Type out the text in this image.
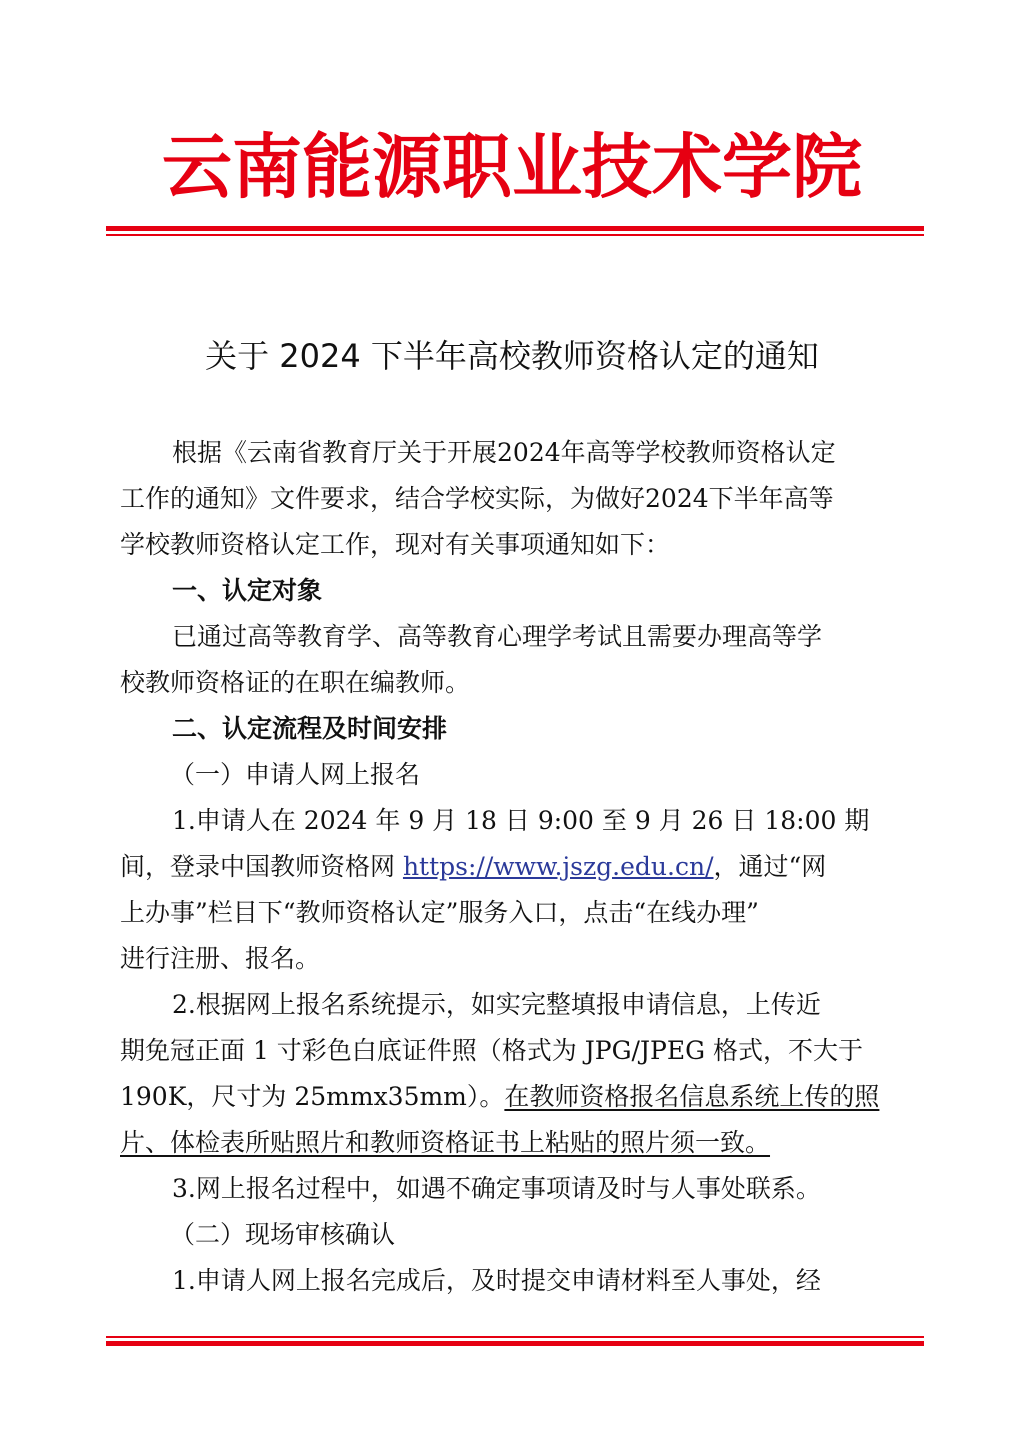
云南能源职业技术学院
关于 2024 下半年高校教师资格认定的通知
根据《云南省教育厅关于开展2024年高等学校教师资格认定
工作的通知》文件要求，结合学校实际，为做好2024下半年高等
学校教师资格认定工作，现对有关事项通知如下：
一、认定对象
已通过高等教育学、高等教育心理学考试且需要办理高等学
校教师资格证的在职在编教师。
二、认定流程及时间安排
（一）申请人网上报名
1.申请人在 2024 年 9 月 18 日 9:00 至 9 月 26 日 18:00 期
间，登录中国教师资格网 https://www.jszg.edu.cn/，通过“网
上办事”栏目下“教师资格认定”服务入口，点击“在线办理”
进行注册、报名。
2.根据网上报名系统提示，如实完整填报申请信息，上传近
期免冠正面 1 寸彩色白底证件照（格式为 JPG/JPEG 格式，不大于
190K，尺寸为 25mmx35mm）。在教师资格报名信息系统上传的照
片、体检表所贴照片和教师资格证书上粘贴的照片须一致。
3.网上报名过程中，如遇不确定事项请及时与人事处联系。
（二）现场审核确认
1.申请人网上报名完成后，及时提交申请材料至人事处，经
